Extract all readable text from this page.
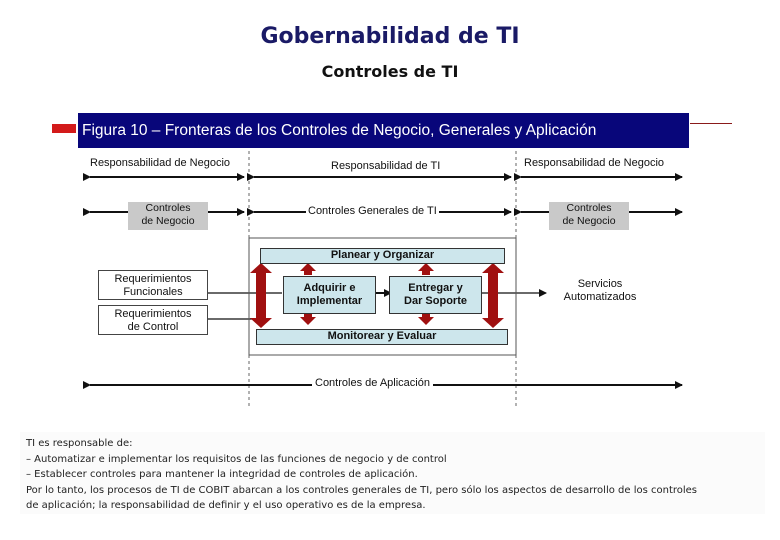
Gobernabilidad de TI
Controles de TI
Figura 10 – Fronteras de los Controles de Negocio, Generales y Aplicación
Responsabilidad de Negocio	Responsabilidad de TI	Responsabilidad de Negocio
Controles
de Negocio
Controles Generales de TI	Controles
de Negocio
Planear y Organizar
Adquirir e
Implementar
Entregar y
Dar Soporte
Monitorear y Evaluar
Requerimientos
Funcionales
Requerimientos
de Control
Servicios
Automatizados
Controles de Aplicación
TI es responsable de:
– Automatizar e implementar los requisitos de las funciones de negocio y de control
– Establecer controles para mantener la integridad de controles de aplicación.
Por lo tanto, los procesos de TI de COBIT abarcan a los controles generales de TI, pero sólo los aspectos de desarrollo de los controles
de aplicación; la responsabilidad de definir y el uso operativo es de la empresa.
